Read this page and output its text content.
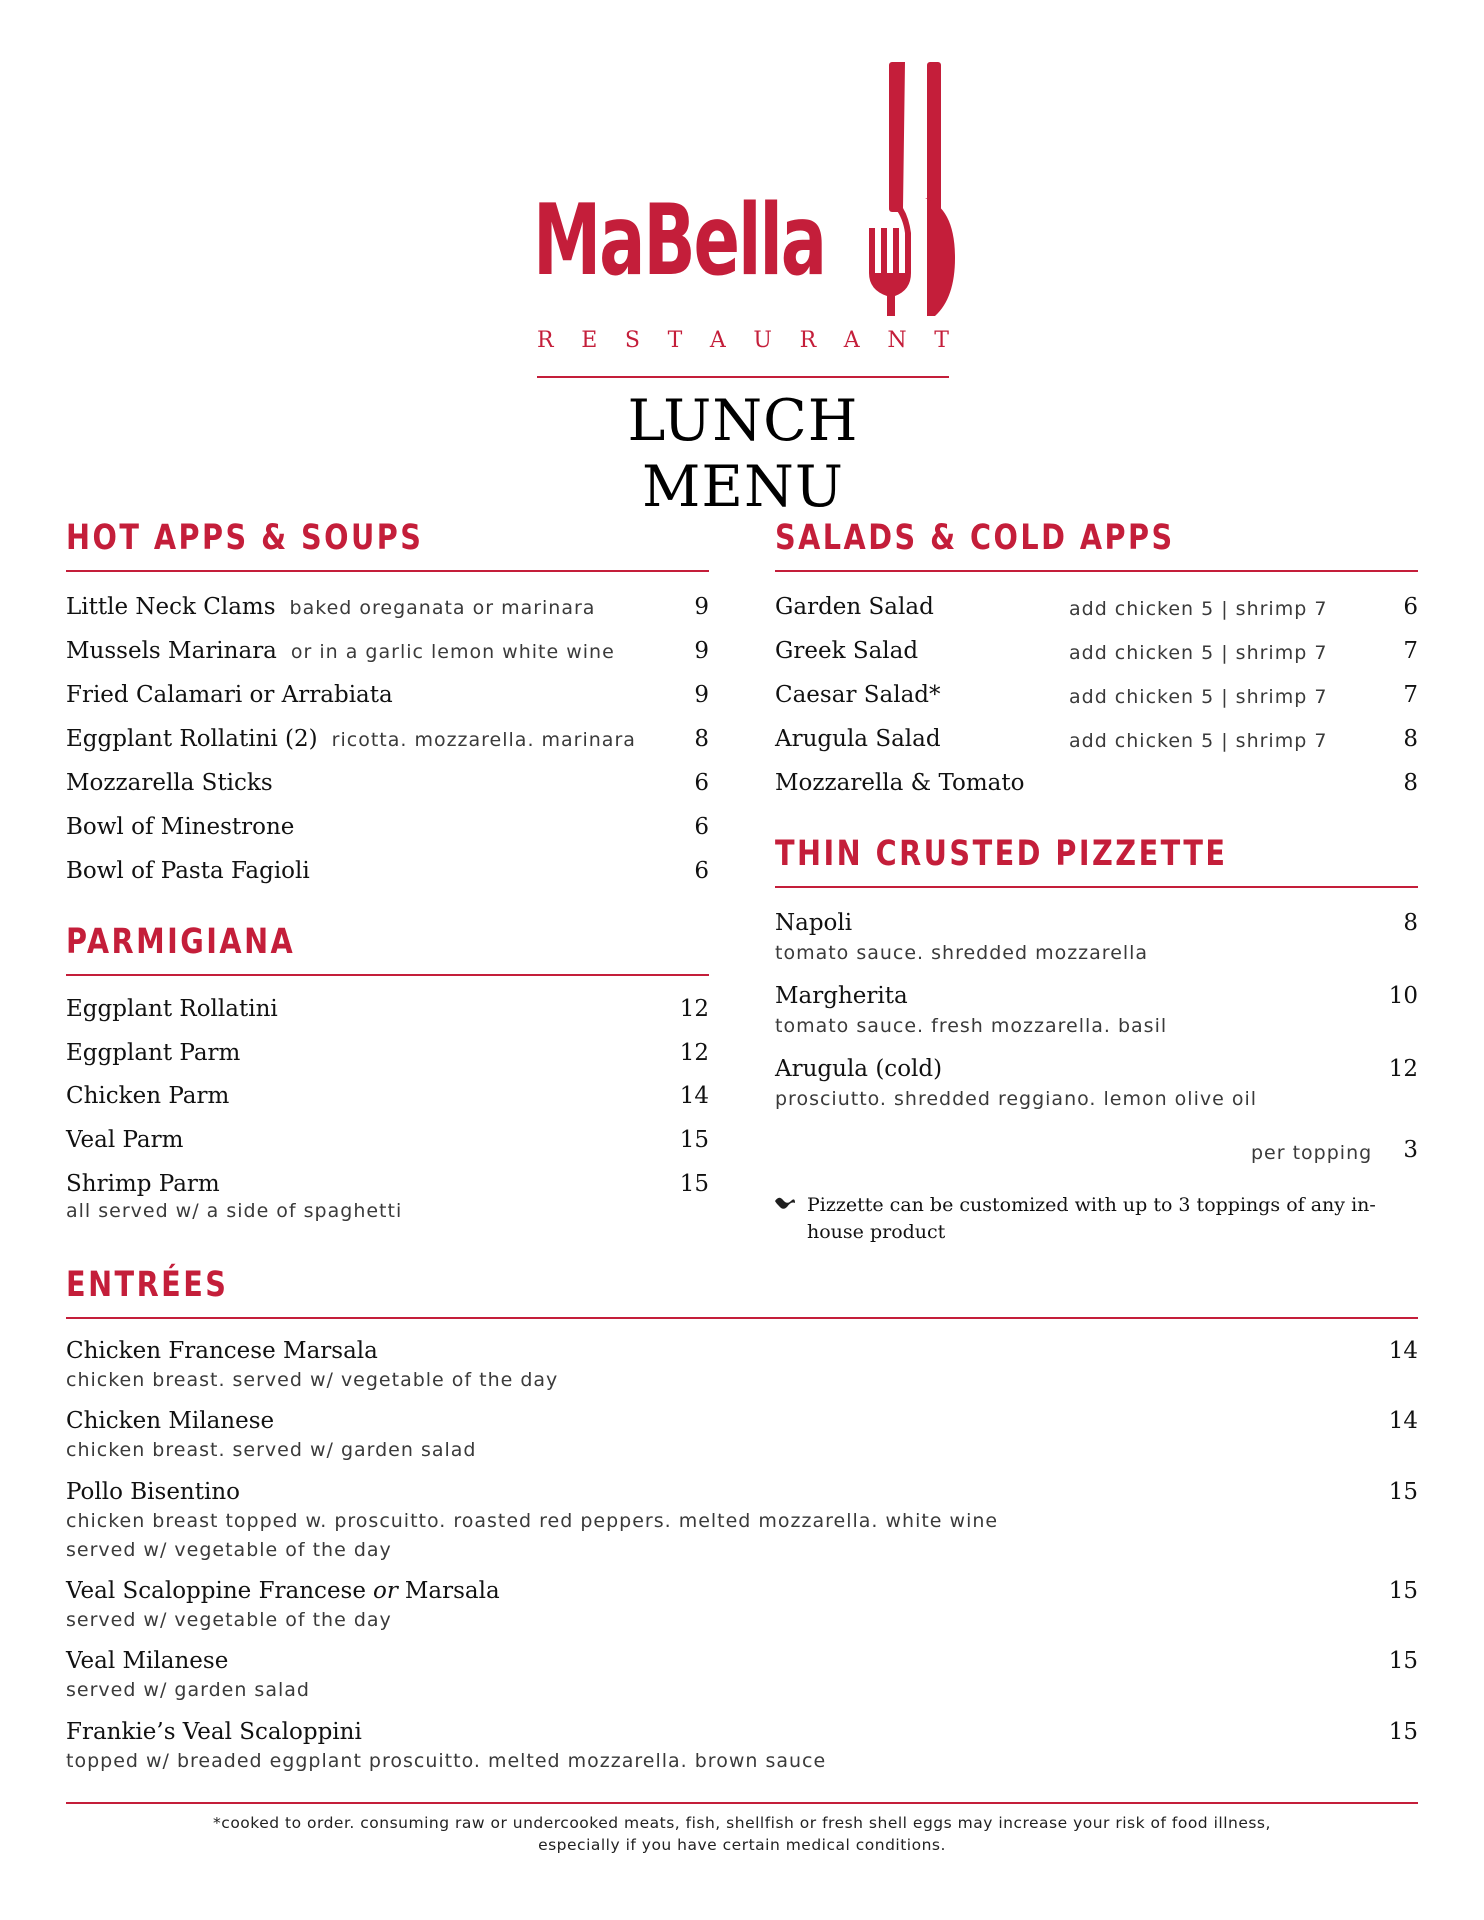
MaBella
R E S T A U R A N T
LUNCH MENU
HOT APPS & SOUPS
Little Neck Clams baked oreganata or marinara	9
Mussels Marinara or in a garlic lemon white wine	9
Fried Calamari or Arrabiata	9
Eggplant Rollatini (2) ricotta. mozzarella. marinara	8
Mozzarella Sticks	6
Bowl of Minestrone	6
Bowl of Pasta Fagioli	6
PARMIGIANA
Eggplant Rollatini	12
Eggplant Parm	12
Chicken Parm	14
Veal Parm	15
Shrimp Parm	15
all served w/ a side of spaghetti
SALADS & COLD APPS
Garden Salad	add chicken 5 | shrimp 7	6
Greek Salad	add chicken 5 | shrimp 7	7
Caesar Salad*	add chicken 5 | shrimp 7	7
Arugula Salad	add chicken 5 | shrimp 7	8
Mozzarella & Tomato	8
THIN CRUSTED PIZZETTE
Napoli	8
tomato sauce. shredded mozzarella
Margherita	10
tomato sauce. fresh mozzarella. basil
Arugula (cold)	12
prosciutto. shredded reggiano. lemon olive oil
per topping	3
Pizzette can be customized with up to 3 toppings of any in-house product
ENTRÉES
Chicken Francese Marsala	14
chicken breast. served w/ vegetable of the day
Chicken Milanese	14
chicken breast. served w/ garden salad
Pollo Bisentino	15
chicken breast topped w. proscuitto. roasted red peppers. melted mozzarella. white wine
served w/ vegetable of the day
Veal Scaloppine Francese or Marsala	15
served w/ vegetable of the day
Veal Milanese	15
served w/ garden salad
Frankie’s Veal Scaloppini	15
topped w/ breaded eggplant proscuitto. melted mozzarella. brown sauce
*cooked to order. consuming raw or undercooked meats, fish, shellfish or fresh shell eggs may increase your risk of food illness,
especially if you have certain medical conditions.
